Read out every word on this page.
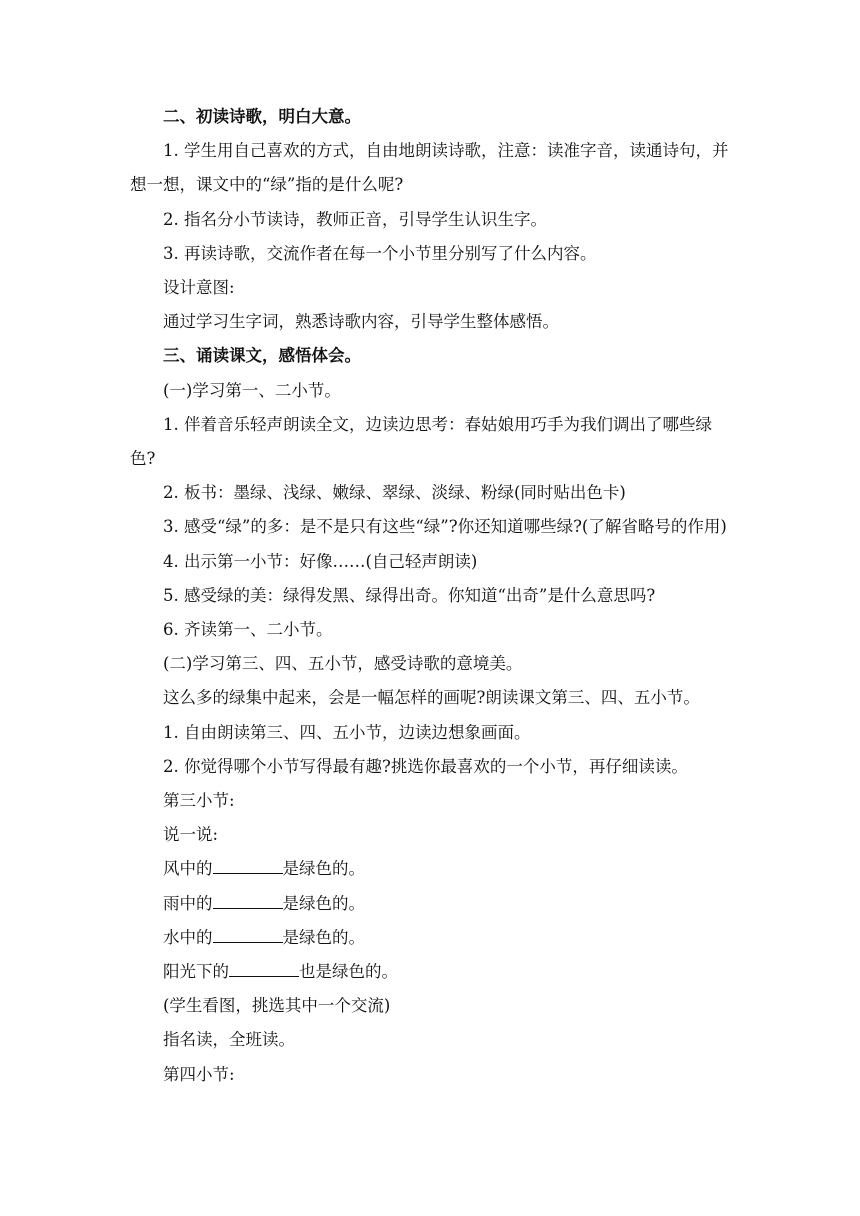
二、初读诗歌，明白大意。
1. 学生用自己喜欢的方式，自由地朗读诗歌，注意：读准字音，读通诗句，并想一想，课文中的“绿”指的是什么呢?
2. 指名分小节读诗，教师正音，引导学生认识生字。
3. 再读诗歌，交流作者在每一个小节里分别写了什么内容。
设计意图:
通过学习生字词，熟悉诗歌内容，引导学生整体感悟。
三、诵读课文，感悟体会。
(一)学习第一、二小节。
1. 伴着音乐轻声朗读全文，边读边思考：春姑娘用巧手为我们调出了哪些绿色?
2. 板书：墨绿、浅绿、嫩绿、翠绿、淡绿、粉绿(同时贴出色卡)
3. 感受“绿”的多：是不是只有这些“绿”?你还知道哪些绿?(了解省略号的作用)
4. 出示第一小节：好像……(自己轻声朗读)
5. 感受绿的美：绿得发黑、绿得出奇。你知道“出奇”是什么意思吗?
6. 齐读第一、二小节。
(二)学习第三、四、五小节，感受诗歌的意境美。
这么多的绿集中起来，会是一幅怎样的画呢?朗读课文第三、四、五小节。
1. 自由朗读第三、四、五小节，边读边想象画面。
2. 你觉得哪个小节写得最有趣?挑选你最喜欢的一个小节，再仔细读读。
第三小节:
说一说:
风中的	是绿色的。
雨中的	是绿色的。
水中的	是绿色的。
阳光下的	也是绿色的。
(学生看图，挑选其中一个交流)
指名读，全班读。
第四小节:
